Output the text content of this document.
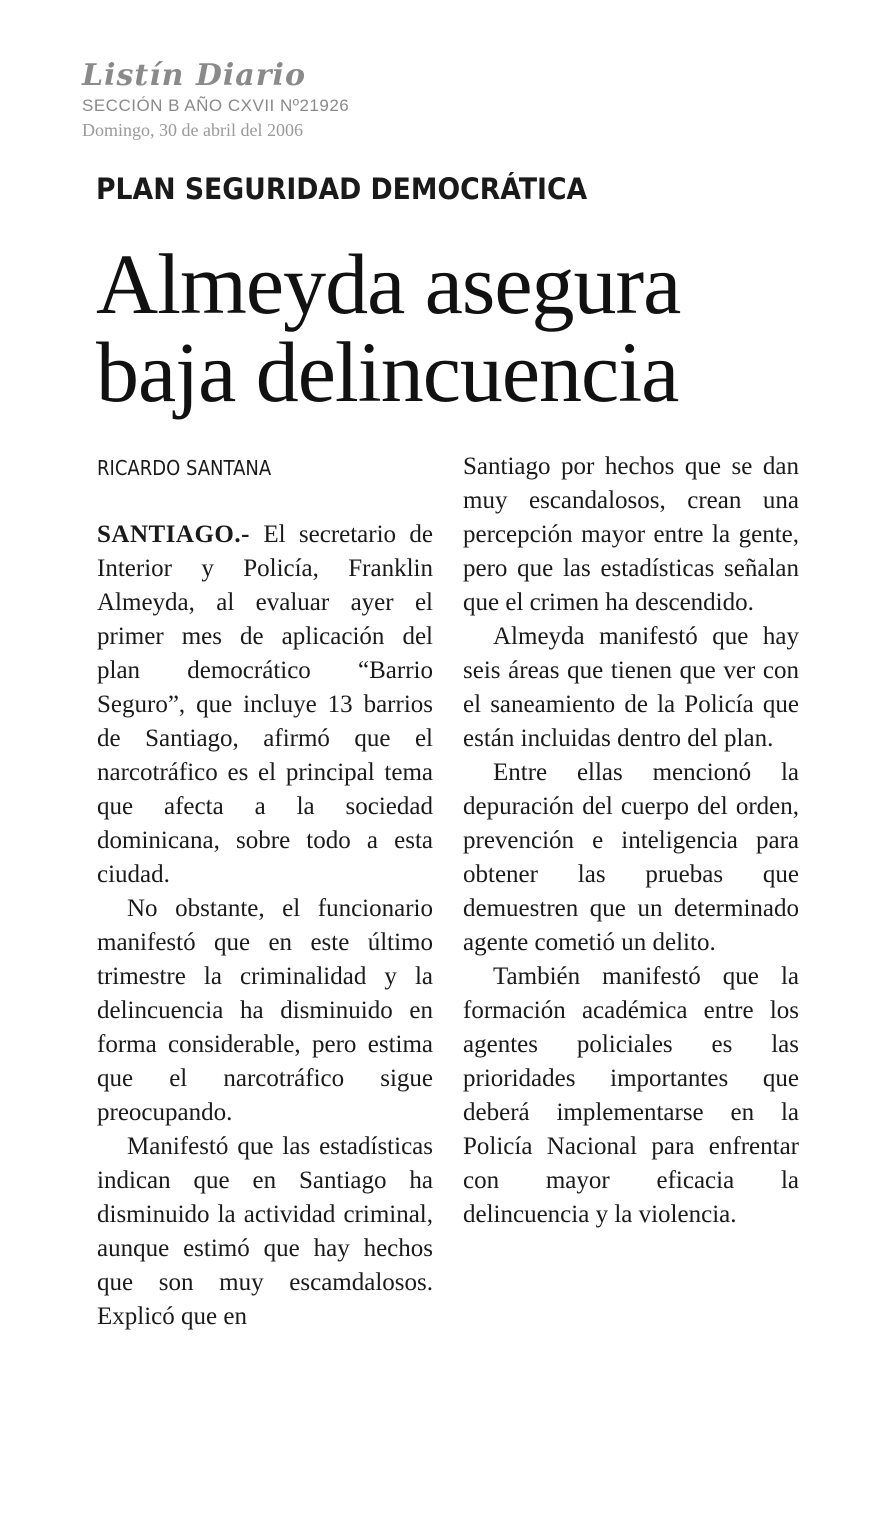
Listín Diario
SECCIÓN B AÑO CXVII Nº21926
Domingo, 30 de abril del 2006
PLAN SEGURIDAD DEMOCRÁTICA
Almeyda asegura
baja delincuencia
RICARDO SANTANA

SANTIAGO.- El secretario de Interior y Policía, Franklin Almeyda, al evaluar ayer el primer mes de aplicación del plan democrático “Barrio Seguro”, que incluye 13 barrios de Santiago, afirmó que el narcotráfico es el principal tema que afecta a la sociedad dominicana, sobre todo a esta ciudad.

No obstante, el funcionario manifestó que en este último trimestre la criminalidad y la delincuencia ha disminuido en forma considerable, pero estima que el narcotráfico sigue preocupando.

Manifestó que las estadísticas indican que en Santiago ha disminuido la actividad criminal, aunque estimó que hay hechos que son muy escamdalosos. Explicó que en

Santiago por hechos que se dan muy escandalosos, crean una percepción mayor entre la gente, pero que las estadísticas señalan que el crimen ha descendido.

Almeyda manifestó que hay seis áreas que tienen que ver con el saneamiento de la Policía que están incluidas dentro del plan.

Entre ellas mencionó la depuración del cuerpo del orden, prevención e inteligencia para obtener las pruebas que demuestren que un determinado agente cometió un delito.

También manifestó que la formación académica entre los agentes policiales es las prioridades importantes que deberá implementarse en la Policía Nacional para enfrentar con mayor eficacia la delincuencia y la violencia.
